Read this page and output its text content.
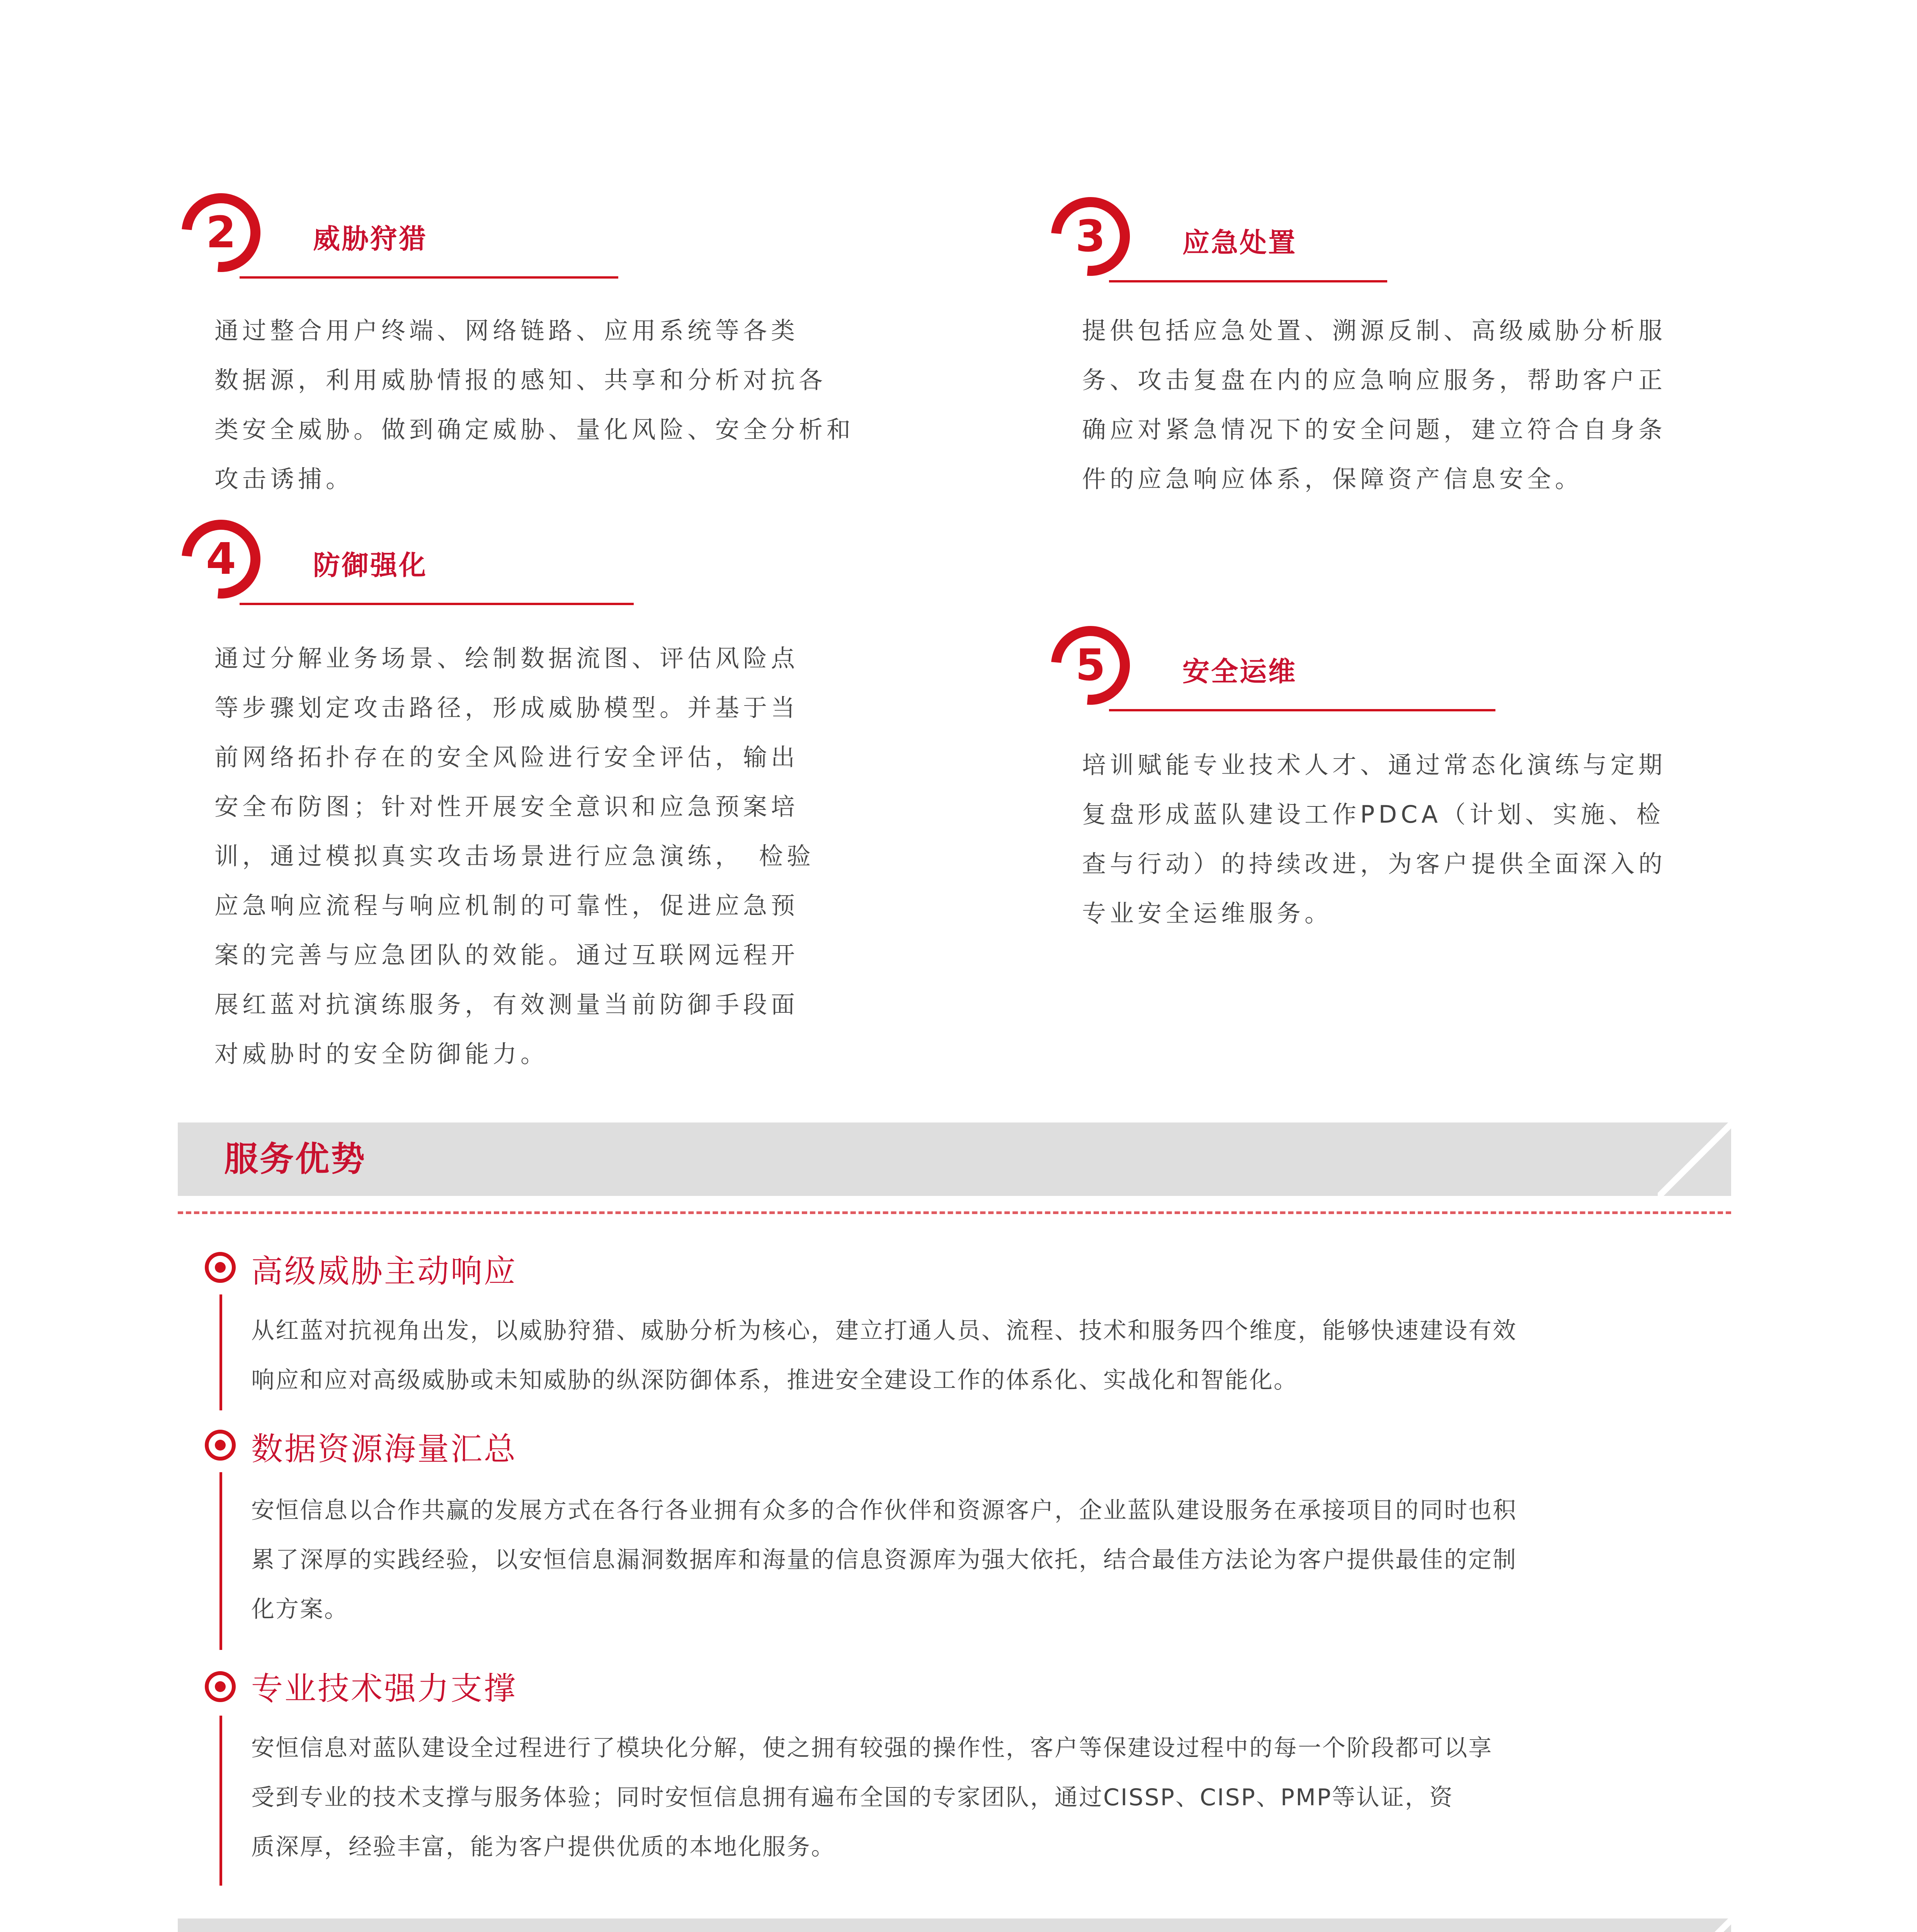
2	威胁狩猎
通过整合用户终端、网络链路、应用系统等各类
数据源，利用威胁情报的感知、共享和分析对抗各
类安全威胁。做到确定威胁、量化风险、安全分析和
攻击诱捕。
3	应急处置
提供包括应急处置、溯源反制、高级威胁分析服
务、攻击复盘在内的应急响应服务，帮助客户正
确应对紧急情况下的安全问题，建立符合自身条
件的应急响应体系，保障资产信息安全。
4	防御强化
通过分解业务场景、绘制数据流图、评估风险点
等步骤划定攻击路径，形成威胁模型。并基于当
前网络拓扑存在的安全风险进行安全评估，输出
安全布防图；针对性开展安全意识和应急预案培
训，通过模拟真实攻击场景进行应急演练，　检验
应急响应流程与响应机制的可靠性，促进应急预
案的完善与应急团队的效能。通过互联网远程开
展红蓝对抗演练服务，有效测量当前防御手段面
对威胁时的安全防御能力。
5	安全运维
培训赋能专业技术人才、通过常态化演练与定期
复盘形成蓝队建设工作PDCA（计划、实施、检
查与行动）的持续改进，为客户提供全面深入的
专业安全运维服务。
服务优势
高级威胁主动响应
从红蓝对抗视角出发，以威胁狩猎、威胁分析为核心，建立打通人员、流程、技术和服务四个维度，能够快速建设有效
响应和应对高级威胁或未知威胁的纵深防御体系，推进安全建设工作的体系化、实战化和智能化。
数据资源海量汇总
安恒信息以合作共赢的发展方式在各行各业拥有众多的合作伙伴和资源客户，企业蓝队建设服务在承接项目的同时也积
累了深厚的实践经验，以安恒信息漏洞数据库和海量的信息资源库为强大依托，结合最佳方法论为客户提供最佳的定制
化方案。
专业技术强力支撑
安恒信息对蓝队建设全过程进行了模块化分解，使之拥有较强的操作性，客户等保建设过程中的每一个阶段都可以享
受到专业的技术支撑与服务体验；同时安恒信息拥有遍布全国的专家团队，通过CISSP、CISP、PMP等认证，资
质深厚，经验丰富，能为客户提供优质的本地化服务。
